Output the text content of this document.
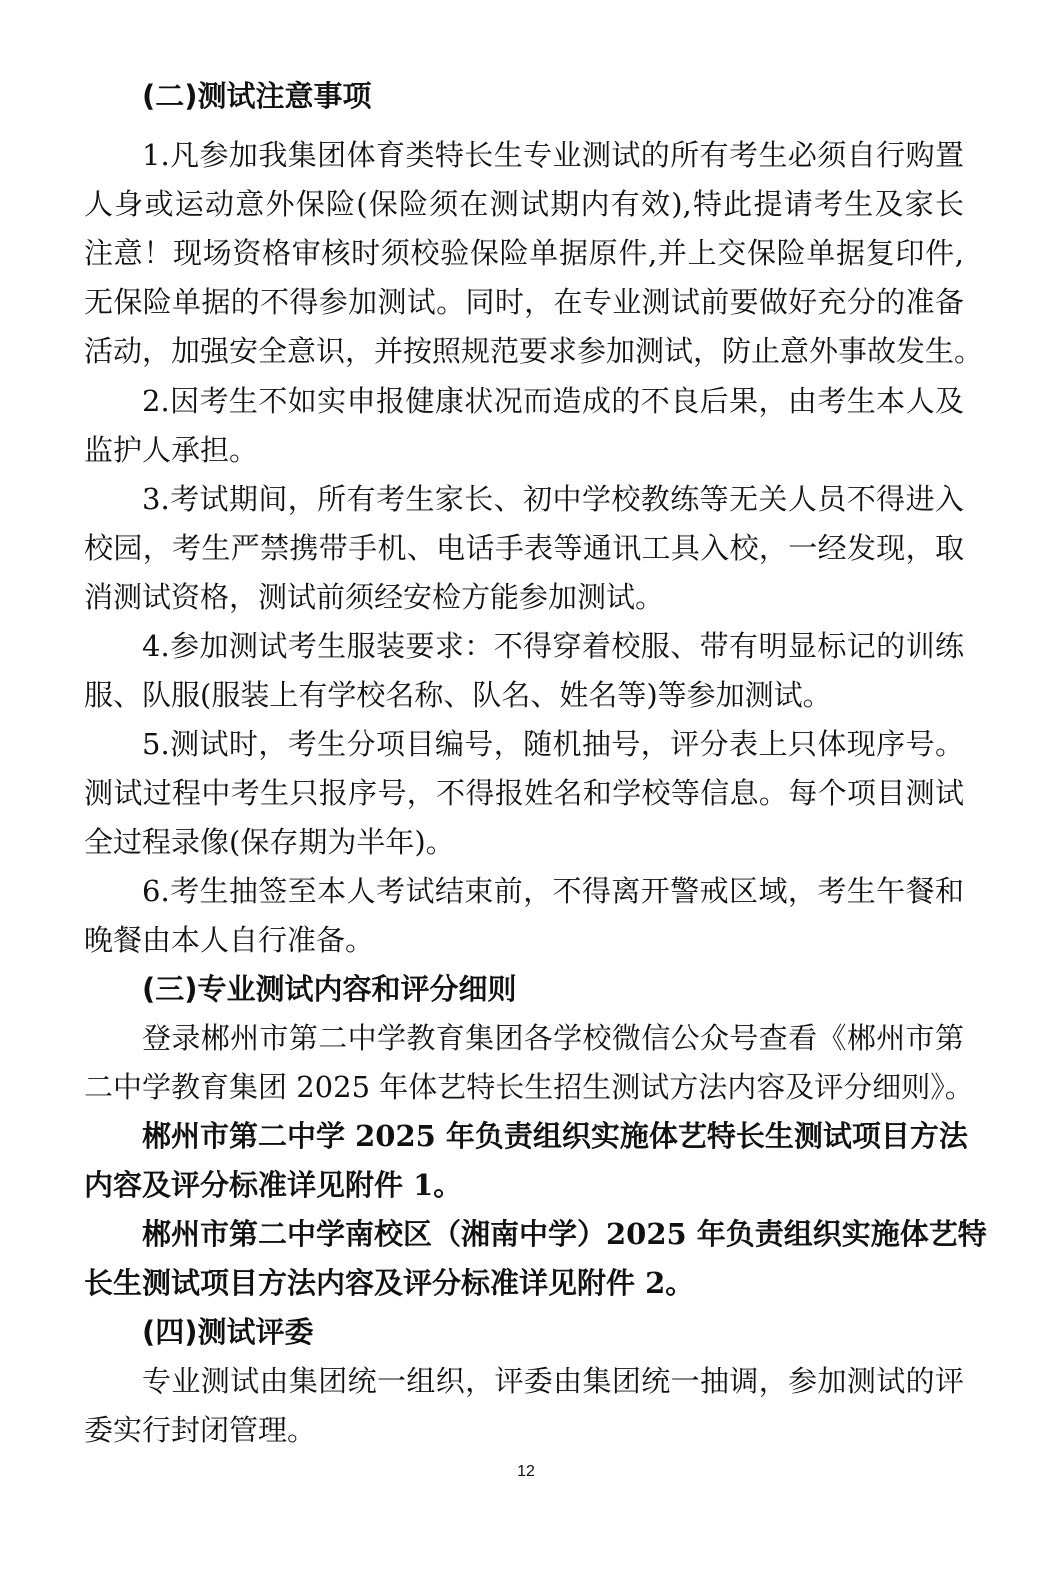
(二)测试注意事项
1.凡参加我集团体育类特长生专业测试的所有考生必须自行购置
人身或运动意外保险(保险须在测试期内有效),特此提请考生及家长
注意！现场资格审核时须校验保险单据原件,并上交保险单据复印件,
无保险单据的不得参加测试。同时，在专业测试前要做好充分的准备
活动，加强安全意识，并按照规范要求参加测试，防止意外事故发生。
2.因考生不如实申报健康状况而造成的不良后果，由考生本人及
监护人承担。
3.考试期间，所有考生家长、初中学校教练等无关人员不得进入
校园，考生严禁携带手机、电话手表等通讯工具入校，一经发现，取
消测试资格，测试前须经安检方能参加测试。
4.参加测试考生服装要求：不得穿着校服、带有明显标记的训练
服、队服(服装上有学校名称、队名、姓名等)等参加测试。
5.测试时，考生分项目编号，随机抽号，评分表上只体现序号。
测试过程中考生只报序号，不得报姓名和学校等信息。每个项目测试
全过程录像(保存期为半年)。
6.考生抽签至本人考试结束前，不得离开警戒区域，考生午餐和
晚餐由本人自行准备。
(三)专业测试内容和评分细则
登录郴州市第二中学教育集团各学校微信公众号查看《郴州市第
二中学教育集团 2025 年体艺特长生招生测试方法内容及评分细则》。
郴州市第二中学 2025 年负责组织实施体艺特长生测试项目方法
内容及评分标准详见附件 1。
郴州市第二中学南校区（湘南中学）2025 年负责组织实施体艺特
长生测试项目方法内容及评分标准详见附件 2。
(四)测试评委
专业测试由集团统一组织，评委由集团统一抽调，参加测试的评
委实行封闭管理。
12
